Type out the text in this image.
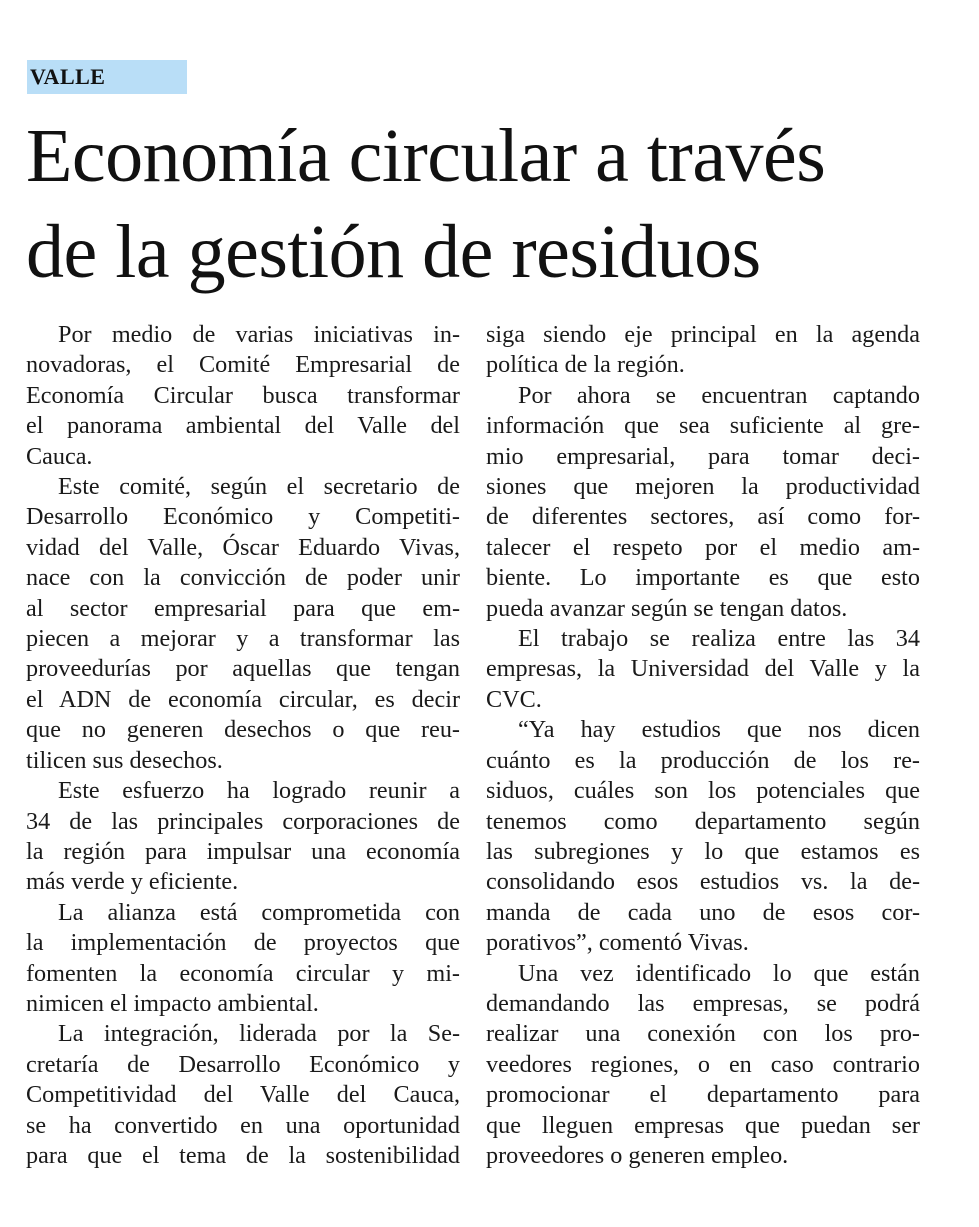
VALLE
Economía circular a través
de la gestión de residuos
Por medio de varias iniciativas in-
novadoras, el Comité Empresarial de
Economía Circular busca transformar
el panorama ambiental del Valle del
Cauca.
Este comité, según el secretario de
Desarrollo Económico y Competiti-
vidad del Valle, Óscar Eduardo Vivas,
nace con la convicción de poder unir
al sector empresarial para que em-
piecen a mejorar y a transformar las
proveedurías por aquellas que tengan
el ADN de economía circular, es decir
que no generen desechos o que reu-
tilicen sus desechos.
Este esfuerzo ha logrado reunir a
34 de las principales corporaciones de
la región para impulsar una economía
más verde y eficiente.
La alianza está comprometida con
la implementación de proyectos que
fomenten la economía circular y mi-
nimicen el impacto ambiental.
La integración, liderada por la Se-
cretaría de Desarrollo Económico y
Competitividad del Valle del Cauca,
se ha convertido en una oportunidad
para que el tema de la sostenibilidad
siga siendo eje principal en la agenda
política de la región.
Por ahora se encuentran captando
información que sea suficiente al gre-
mio empresarial, para tomar deci-
siones que mejoren la productividad
de diferentes sectores, así como for-
talecer el respeto por el medio am-
biente. Lo importante es que esto
pueda avanzar según se tengan datos.
El trabajo se realiza entre las 34
empresas, la Universidad del Valle y la
CVC.
“Ya hay estudios que nos dicen
cuánto es la producción de los re-
siduos, cuáles son los potenciales que
tenemos como departamento según
las subregiones y lo que estamos es
consolidando esos estudios vs. la de-
manda de cada uno de esos cor-
porativos”, comentó Vivas.
Una vez identificado lo que están
demandando las empresas, se podrá
realizar una conexión con los pro-
veedores regiones, o en caso contrario
promocionar el departamento para
que lleguen empresas que puedan ser
proveedores o generen empleo.
